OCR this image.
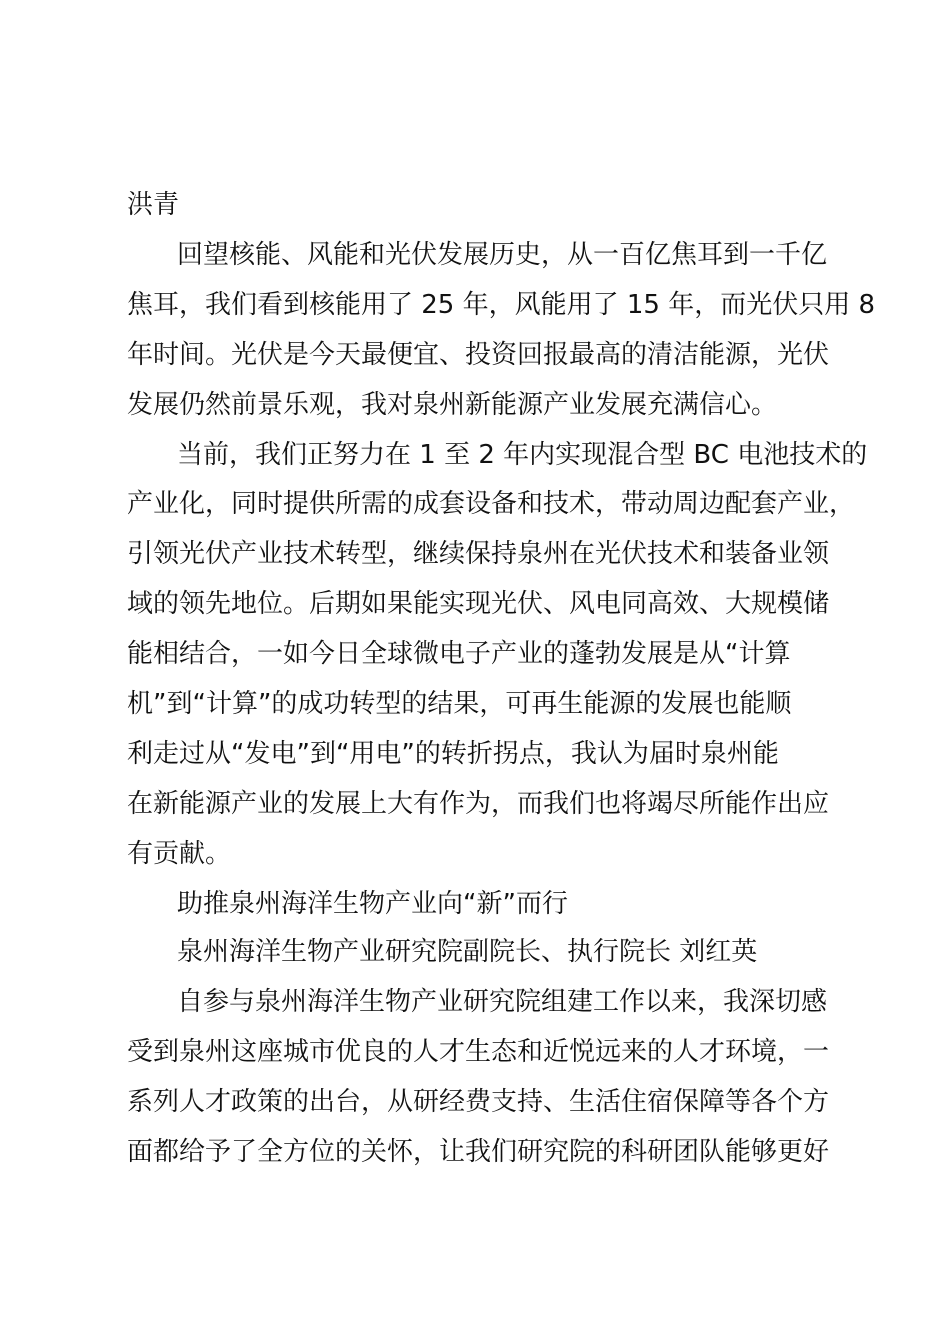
洪青
回望核能、风能和光伏发展历史，从一百亿焦耳到一千亿
焦耳，我们看到核能用了 25 年，风能用了 15 年，而光伏只用 8
年时间。光伏是今天最便宜、投资回报最高的清洁能源，光伏
发展仍然前景乐观，我对泉州新能源产业发展充满信心。
当前，我们正努力在 1 至 2 年内实现混合型 BC 电池技术的
产业化，同时提供所需的成套设备和技术，带动周边配套产业，
引领光伏产业技术转型，继续保持泉州在光伏技术和装备业领
域的领先地位。后期如果能实现光伏、风电同高效、大规模储
能相结合，一如今日全球微电子产业的蓬勃发展是从“计算
机”到“计算”的成功转型的结果，可再生能源的发展也能顺
利走过从“发电”到“用电”的转折拐点，我认为届时泉州能
在新能源产业的发展上大有作为，而我们也将竭尽所能作出应
有贡献。
助推泉州海洋生物产业向“新”而行
泉州海洋生物产业研究院副院长、执行院长 刘红英
自参与泉州海洋生物产业研究院组建工作以来，我深切感
受到泉州这座城市优良的人才生态和近悦远来的人才环境，一
系列人才政策的出台，从研经费支持、生活住宿保障等各个方
面都给予了全方位的关怀，让我们研究院的科研团队能够更好
